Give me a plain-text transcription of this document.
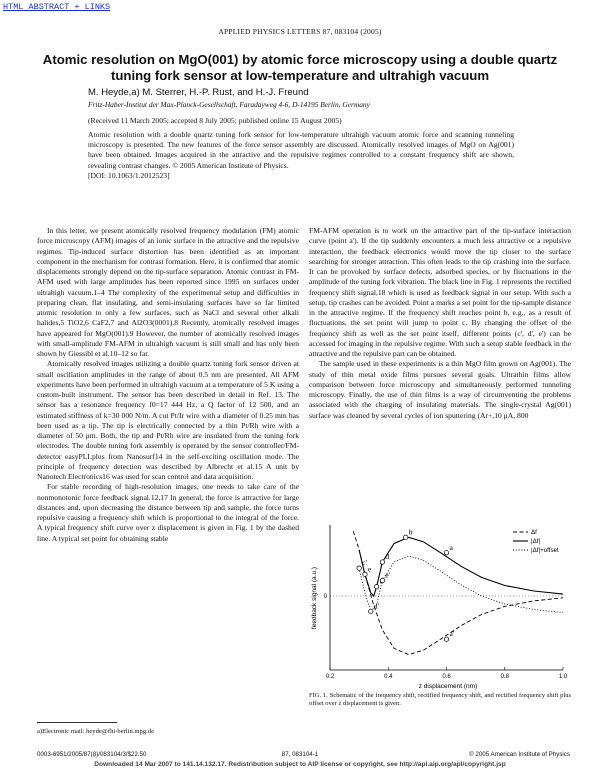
HTML ABSTRACT + LINKS
APPLIED PHYSICS LETTERS 87, 083104 (2005)
Atomic resolution on MgO(001) by atomic force microscopy using a double quartz tuning fork sensor at low-temperature and ultrahigh vacuum
M. Heyde,a) M. Sterrer, H.-P. Rust, and H.-J. Freund
Fritz-Haber-Institut der Max-Planck-Gesellschaft, Faradayweg 4-6, D-14195 Berlin, Germany
(Received 11 March 2005; accepted 8 July 2005; published online 15 August 2005)
Atomic resolution with a double quartz tuning fork sensor for low-temperature ultrahigh vacuum atomic force and scanning tunneling microscopy is presented. The new features of the force sensor assembly are discussed. Atomically resolved images of MgO on Ag(001) have been obtained. Images acquired in the attractive and the repulsive regimes controlled to a constant frequency shift are shown, revealing contrast changes. © 2005 American Institute of Physics.
[DOI: 10.1063/1.2012523]

In this letter, we present atomically resolved frequency modulation (FM) atomic force microscopy (AFM) images of an ionic surface in the attractive and the repulsive regimes. Tip-induced surface distortion has been identified as an important component in the mechanism for contrast formation. Here, it is confirmed that atomic displacements strongly depend on the tip-surface separation. Atomic contrast in FM-AFM used with large amplitudes has been reported since 1995 on surfaces under ultrahigh vacuum.1–4 The complexity of the experimental setup and difficulties in preparing clean, flat insulating, and semi-insulating surfaces have so far limited atomic resolution to only a few surfaces, such as NaCl and several other alkali halides,5 TiO2,6 CaF2,7 and Al2O3(0001).8 Recently, atomically resolved images have appeared for MgO(001).9 However, the number of atomically resolved images with small-amplitude FM-AFM in ultrahigh vacuum is still small and has only been shown by Giessibl et al.10–12 so far.

Atomically resolved images utilizing a double quartz tuning fork sensor driven at small oscillation amplitudes in the range of about 0.5 nm are presented. All AFM experiments have been performed in ultrahigh vacuum at a temperature of 5 K using a custom-built instrument. The sensor has been described in detail in Ref. 13. The sensor has a resonance frequency f0=17 444 Hz, a Q factor of 12 500, and an estimated stiffness of k=30 000 N/m. A cut Pt/Ir wire with a diameter of 0.25 mm has been used as a tip. The tip is electrically connected by a thin Pt/Rh wire with a diameter of 50 μm. Both, the tip and Pt/Rh wire are insulated from the tuning fork electrodes. The double tuning fork assembly is operated by the sensor controller/FM-detector easyPLLplus from Nanosurf14 in the self-exciting oscillation mode. The principle of frequency detection was described by Albrecht et al.15 A unit by Nanotech Electronics16 was used for scan control and data acquisition.

For stable recording of high-resolution images, one needs to take care of the nonmonotonic force feedback signal.12,17 In general, the force is attractive for large distances and, upon decreasing the distance between tip and sample, the force turns repulsive causing a frequency shift which is proportional to the integral of the force. A typical frequency shift curve over z displacement is given in Fig. 1 by the dashed line. A typical set point for obtaining stable

FM-AFM operation is to work on the attractive part of the tip-surface interaction curve (point a'). If the tip suddenly encounters a much less attractive or a repulsive interaction, the feedback electronics would move the tip closer to the surface searching for stronger attraction. This often leads to the tip crashing into the surface. It can be provoked by surface defects, adsorbed species, or by fluctuations in the amplitude of the tuning fork vibration. The black line in Fig. 1 represents the rectified frequency shift signal,18 which is used as feedback signal in our setup. With such a setup, tip crashes can be avoided. Point a marks a set point for the tip-sample distance in the attractive regime. If the frequency shift reaches point b, e.g., as a result of fluctuations, the set point will jump to point c. By changing the offset of the frequency shift as well as the set point itself, different points (c', d', e') can be accessed for imaging in the repulsive regime. With such a setup stable feedback in the attractive and the repulsive part can be obtained.

The sample used in these experiments is a thin MgO film grown on Ag(001). The study of thin metal oxide films pursues several goals. Ultrathin films allow comparison between force microscopy and simultaneously performed tunneling microscopy. Finally, the use of thin films is a way of circumventing the problems associated with the charging of insulating materials. The single-crystal Ag(001) surface was cleaned by several cycles of ion sputtering (Ar+,10 μA, 800

0.2	0.4	0.6	0.8	1.0
0
a'
a
b
d
e
c'
d'
e'
Δf
|Δf|
|Δf|+offset
z displacement (nm)
feedback signal (a.u.)
FIG. 1. Schematic of the frequency shift, rectified frequency shift, and rectified frequency shift plus offset over z displacement is given.
a)Electronic mail: heyde@fhi-berlin.mpg.de
0003-6951/2005/87(8)/083104/3/$22.50	87, 083104-1	© 2005 American Institute of Physics
Downloaded 14 Mar 2007 to 141.14.132.17. Redistribution subject to AIP license or copyright, see http://apl.aip.org/apl/copyright.jsp
